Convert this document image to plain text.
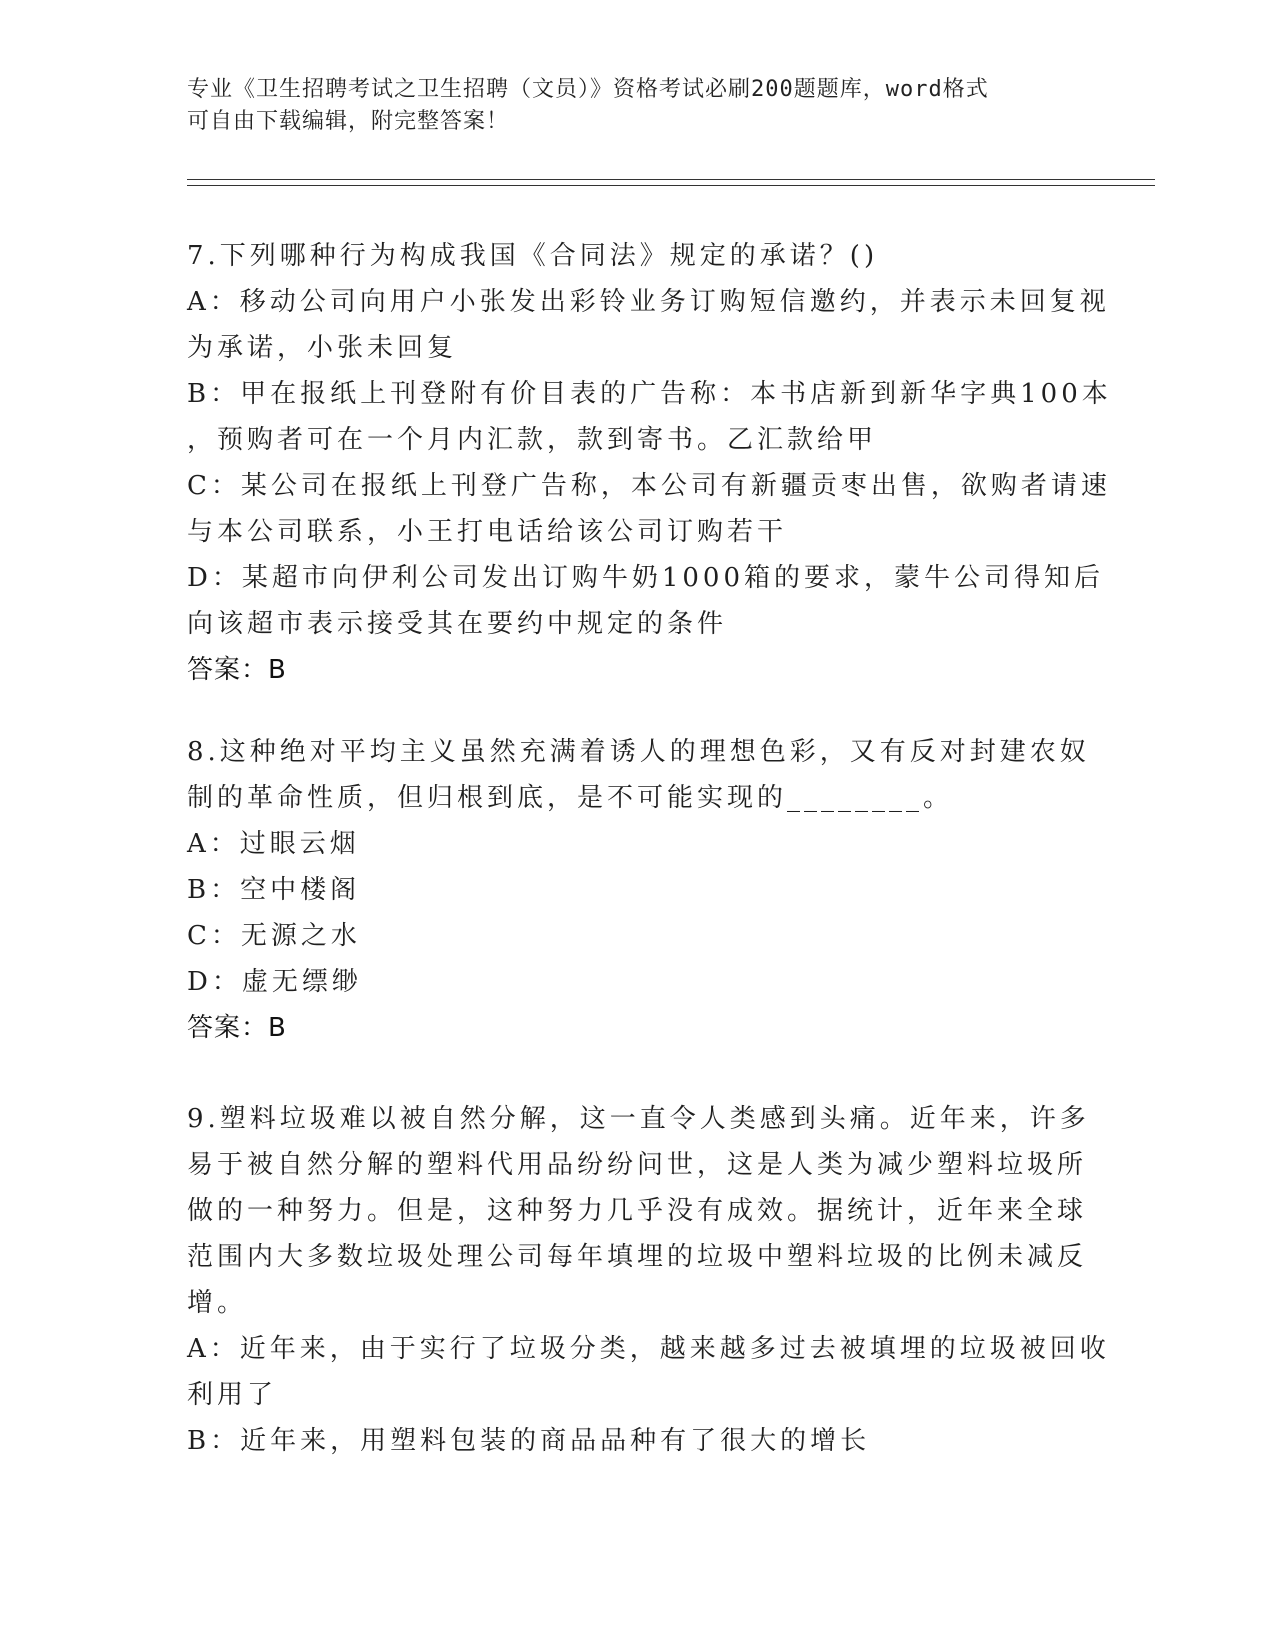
专业《卫生招聘考试之卫生招聘（文员）》资格考试必刷200题题库，word格式
可自由下载编辑，附完整答案！
7.下列哪种行为构成我国《合同法》规定的承诺？()
A：移动公司向用户小张发出彩铃业务订购短信邀约，并表示未回复视
为承诺，小张未回复
B：甲在报纸上刊登附有价目表的广告称：本书店新到新华字典100本
，预购者可在一个月内汇款，款到寄书。乙汇款给甲
C：某公司在报纸上刊登广告称，本公司有新疆贡枣出售，欲购者请速
与本公司联系，小王打电话给该公司订购若干
D：某超市向伊利公司发出订购牛奶1000箱的要求，蒙牛公司得知后
向该超市表示接受其在要约中规定的条件
答案：B
8.这种绝对平均主义虽然充满着诱人的理想色彩，又有反对封建农奴
制的革命性质，但归根到底，是不可能实现的________。
A：过眼云烟
B：空中楼阁
C：无源之水
D：虚无缥缈
答案：B
9.塑料垃圾难以被自然分解，这一直令人类感到头痛。近年来，许多
易于被自然分解的塑料代用品纷纷问世，这是人类为减少塑料垃圾所
做的一种努力。但是，这种努力几乎没有成效。据统计，近年来全球
范围内大多数垃圾处理公司每年填埋的垃圾中塑料垃圾的比例未减反
增。
A：近年来，由于实行了垃圾分类，越来越多过去被填埋的垃圾被回收
利用了
B：近年来，用塑料包装的商品品种有了很大的增长
